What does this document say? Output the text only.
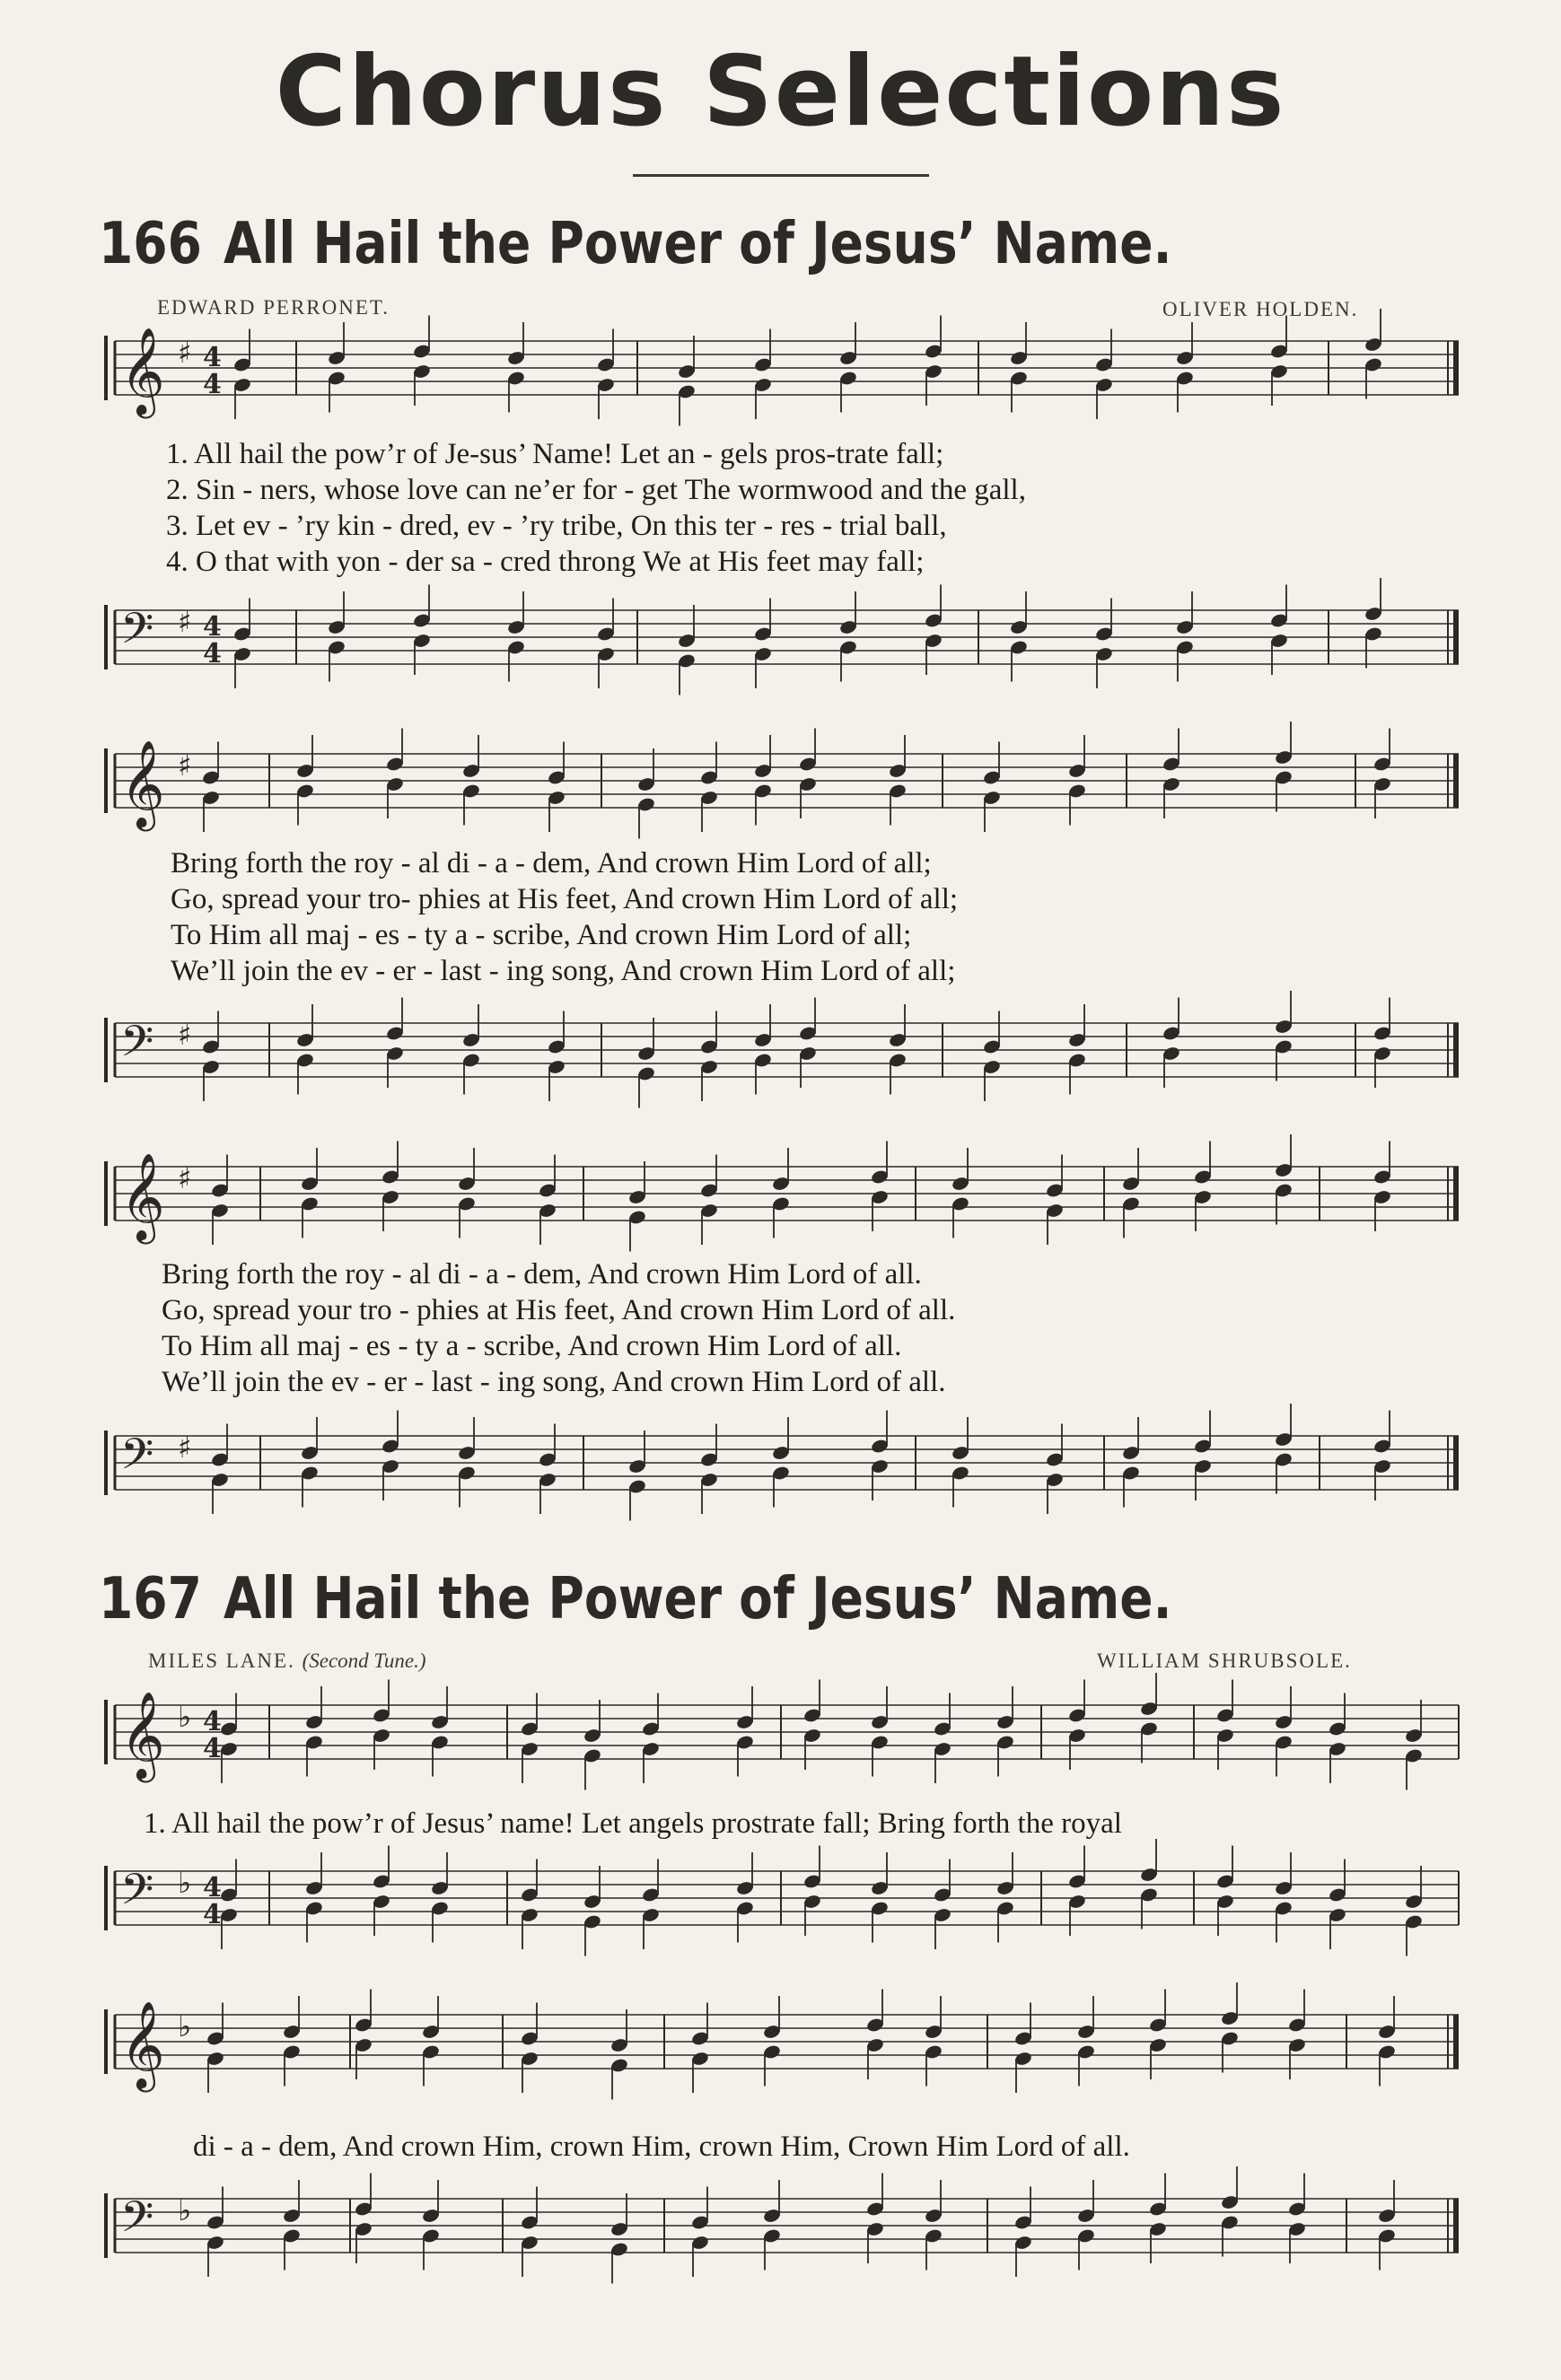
Chorus Selections
166 All Hail the Power of Jesus’ Name.
EDWARD PERRONET.	OLIVER HOLDEN.
𝄞 ♯ 4
4
1. All hail the pow’r of Je-sus’ Name! Let an - gels pros-trate fall;
2. Sin - ners, whose love can ne’er for - get The wormwood and the gall,
3. Let ev - ’ry kin - dred, ev - ’ry tribe, On this ter - res - trial ball,
4. O that with yon - der sa - cred throng We at His feet may fall;
𝄢 ♯ 4
4
𝄞 ♯
Bring forth the roy - al di - a - dem, And crown Him Lord of all;
Go, spread your tro- phies at His feet, And crown Him Lord of all;
To Him all maj - es - ty a - scribe, And crown Him Lord of all;
We’ll join the ev - er - last - ing song, And crown Him Lord of all;
𝄢 ♯
𝄞 ♯
Bring forth the roy - al di - a - dem, And crown Him Lord of all.
Go, spread your tro - phies at His feet, And crown Him Lord of all.
To Him all maj - es - ty a - scribe, And crown Him Lord of all.
We’ll join the ev - er - last - ing song, And crown Him Lord of all.
𝄢 ♯
167 All Hail the Power of Jesus’ Name.
MILES LANE. (Second Tune.)	WILLIAM SHRUBSOLE.
𝄞 ♭ 4
4
1. All hail the pow’r of Jesus’ name! Let angels prostrate fall; Bring forth the royal
𝄢 ♭ 4
4
𝄞 ♭
di - a - dem, And crown Him, crown Him, crown Him, Crown Him Lord of all.
𝄢 ♭
